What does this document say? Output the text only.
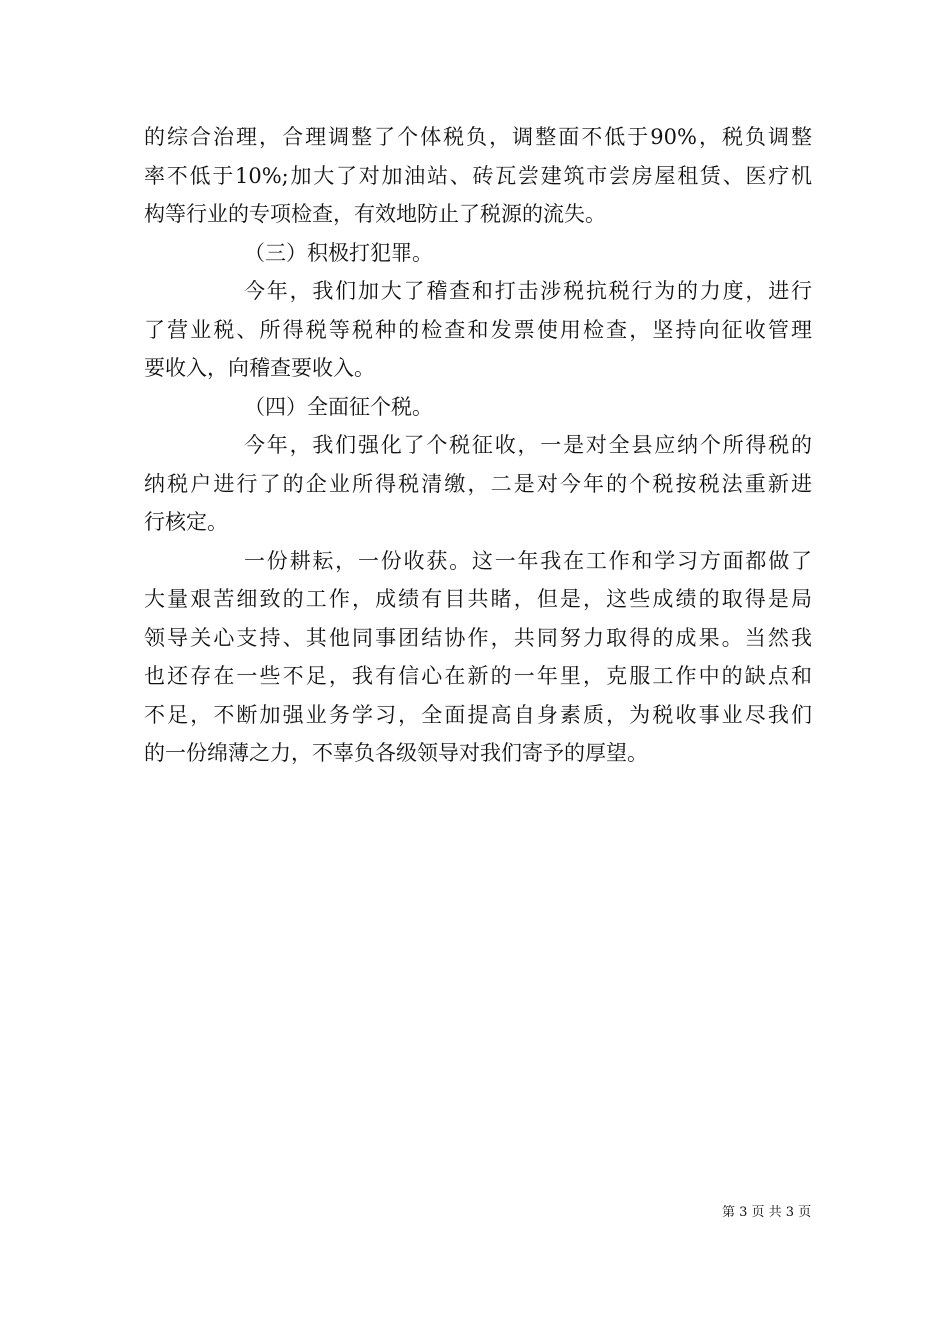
的综合治理，合理调整了个体税负，调整面不低于90%，税负调整
率不低于10%;加大了对加油站、砖瓦尝建筑市尝房屋租赁、医疗机
构等行业的专项检查，有效地防止了税源的流失。
（三）积极打犯罪。
今年，我们加大了稽查和打击涉税抗税行为的力度，进行
了营业税、所得税等税种的检查和发票使用检查，坚持向征收管理
要收入，向稽查要收入。
（四）全面征个税。
今年，我们强化了个税征收，一是对全县应纳个所得税的
纳税户进行了的企业所得税清缴，二是对今年的个税按税法重新进
行核定。
一份耕耘，一份收获。这一年我在工作和学习方面都做了
大量艰苦细致的工作，成绩有目共睹，但是，这些成绩的取得是局
领导关心支持、其他同事团结协作，共同努力取得的成果。当然我
也还存在一些不足，我有信心在新的一年里，克服工作中的缺点和
不足，不断加强业务学习，全面提高自身素质，为税收事业尽我们
的一份绵薄之力，不辜负各级领导对我们寄予的厚望。
第 3 页 共 3 页
